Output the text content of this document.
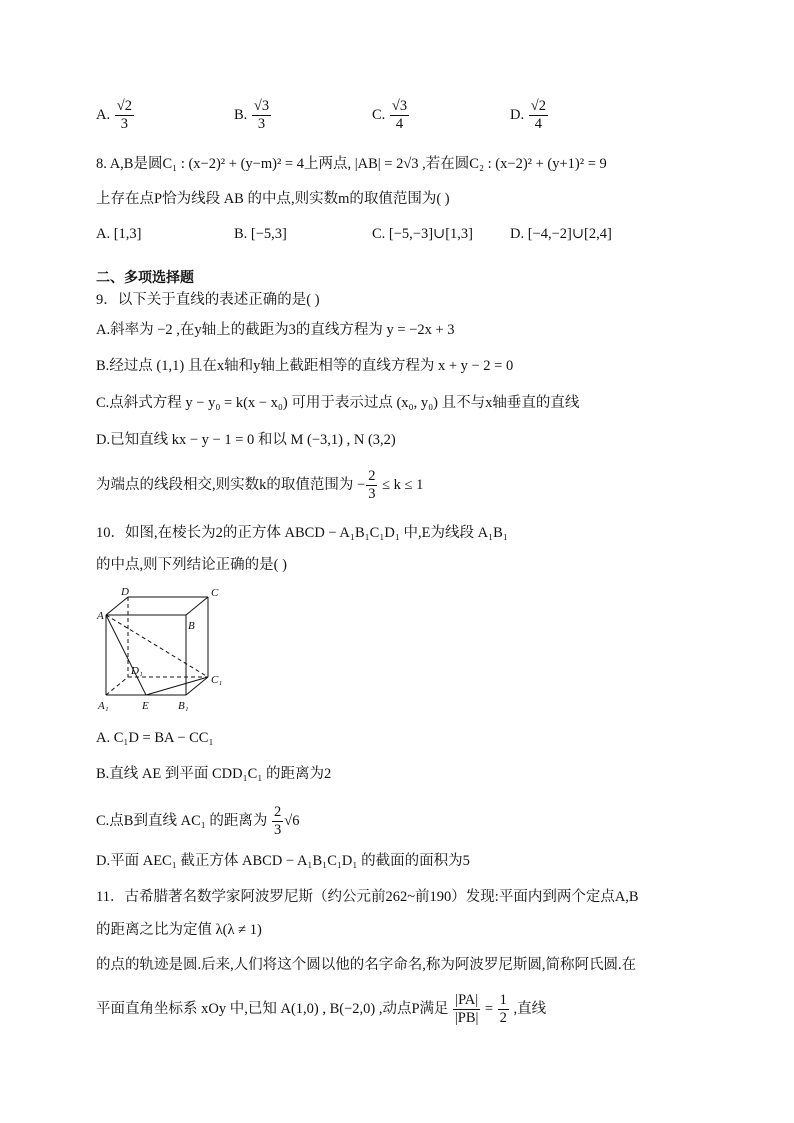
A. $\frac{√2}{3}$	B. $\frac{√3}{3}$	C. $\frac{√3}{4}$	D. $\frac{√2}{4}$
8. A,B是圆C₁ : (x−2)² + (y−m)² = 4上两点, |AB| = 2√3 ,若在圆C₂ : (x−2)² + (y+1)² = 9
上存在点P恰为线段 AB 的中点,则实数m的取值范围为( )
A. [1,3]	B. [−5,3]	C. [−5,−3]∪[1,3]	D. [−4,−2]∪[2,4]
二、多项选择题
9．以下关于直线的表述正确的是( )
A.斜率为 −2 ,在y轴上的截距为3的直线方程为 y = −2x + 3
B.经过点 (1,1) 且在x轴和y轴上截距相等的直线方程为 x + y − 2 = 0
C.点斜式方程 y − y₀ = k(x − x₀) 可用于表示过点 (x₀, y₀) 且不与x轴垂直的直线
D.已知直线 kx − y − 1 = 0 和以 M (−3,1) , N (3,2)
为端点的线段相交,则实数k的取值范围为 − $\frac{2}{3} \le k \le 1$
10．如图,在棱长为2的正方体 ABCD − A₁B₁C₁D₁ 中,E为线段 A₁B₁
的中点,则下列结论正确的是( )
D	C
A
B
D₁
C₁
A₁	E	B₁
A. C₁D = BA − CC₁
B.直线 AE 到平面 CDD₁C₁ 的距离为2
C.点B到直线 AC₁ 的距离为 $\frac{2}{3} √6$
D.平面 AEC₁ 截正方体 ABCD − A₁B₁C₁D₁ 的截面的面积为5
11．古希腊著名数学家阿波罗尼斯（约公元前262~前190）发现:平面内到两个定点A,B
的距离之比为定值 λ(λ ≠ 1)
的点的轨迹是圆.后来,人们将这个圆以他的名字命名,称为阿波罗尼斯圆,简称阿氏圆.在
平面直角坐标系 xOy 中,已知 A(1,0) , B(−2,0) ,动点P满足 $\frac{|PA|}{|PB|} = \frac{1}{2}$ ,直线
